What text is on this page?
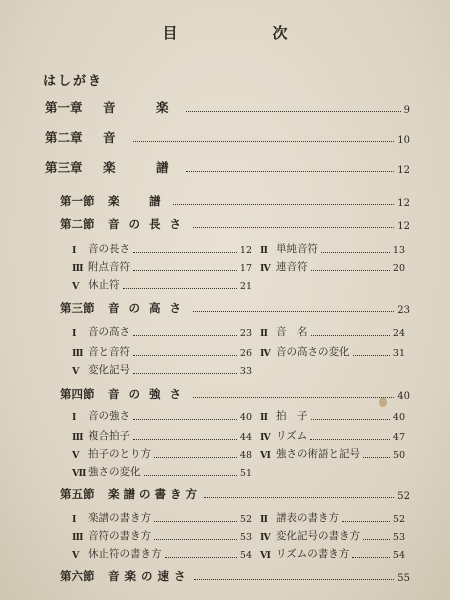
目　次
はしがき
第一章	音　楽	9
第二章	音	10
第三章	楽　譜	12
第一節	楽　譜	12
第二節	音の長さ	12
Ⅰ	音の長さ	12 Ⅱ 単純音符	13
Ⅲ 附点音符	17 Ⅳ 連音符	20
Ⅴ 休止符	21
第三節	音の高さ	23
Ⅰ	音の高さ	23 Ⅱ 音　名	24
Ⅲ 音と音符	26 Ⅳ 音の高さの変化	31
Ⅴ 変化記号	33
第四節	音の強さ	40
Ⅰ	音の強さ	40 Ⅱ 拍　子	40
Ⅲ 複合拍子	44 Ⅳ リズム	47
Ⅴ 拍子のとり方	48 Ⅵ 強さの術語と記号	50
Ⅶ 強さの変化	51
第五節	楽譜の書き方	52
Ⅰ	楽譜の書き方	52 Ⅱ 譜表の書き方	52
Ⅲ 音符の書き方	53 Ⅳ 変化記号の書き方	53
Ⅴ 休止符の書き方	54 Ⅵ リズムの書き方	54
第六節	音楽の速さ	55
